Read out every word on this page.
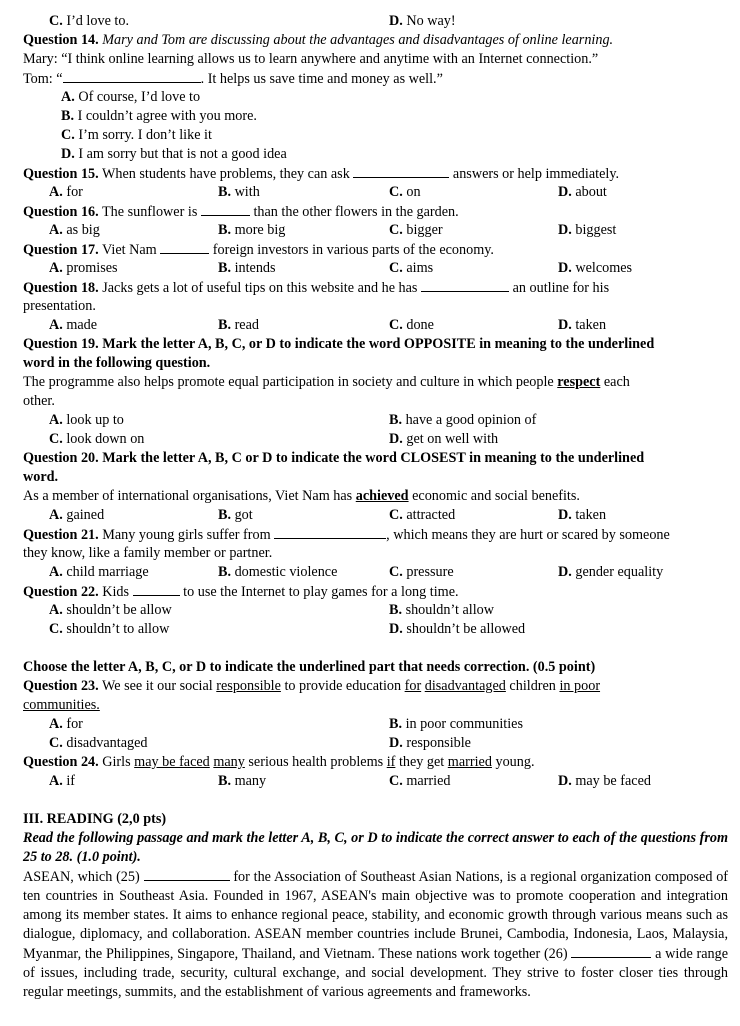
C. I’d love to.	D. No way!
Question 14. Mary and Tom are discussing about the advantages and disadvantages of online learning.
Mary: “I think online learning allows us to learn anywhere and anytime with an Internet connection.”
Tom: “	. It helps us save time and money as well.”
A. Of course, I’d love to
B. I couldn’t agree with you more.
C. I’m sorry. I don’t like it
D. I am sorry but that is not a good idea
Question 15. When students have problems, they can ask	answers or help immediately.
A. for	B. with	C. on	D. about
Question 16. The sunflower is	than the other flowers in the garden.
A. as big	B. more big	C. bigger	D. biggest
Question 17. Viet Nam	foreign investors in various parts of the economy.
A. promises	B. intends	C. aims	D. welcomes
Question 18. Jacks gets a lot of useful tips on this website and he has	an outline for his
presentation.
A. made	B. read	C. done	D. taken
Question 19. Mark the letter A, B, C, or D to indicate the word OPPOSITE in meaning to the underlined
word in the following question.
The programme also helps promote equal participation in society and culture in which people respect each
other.
A. look up to	B. have a good opinion of
C. look down on	D. get on well with
Question 20. Mark the letter A, B, C or D to indicate the word CLOSEST in meaning to the underlined
word.
As a member of international organisations, Viet Nam has achieved economic and social benefits.
A. gained	B. got	C. attracted	D. taken
Question 21. Many young girls suffer from	, which means they are hurt or scared by someone
they know, like a family member or partner.
A. child marriage	B. domestic violence	C. pressure	D. gender equality
Question 22. Kids	to use the Internet to play games for a long time.
A. shouldn’t be allow	B. shouldn’t allow
C. shouldn’t to allow	D. shouldn’t be allowed
Choose the letter A, B, C, or D to indicate the underlined part that needs correction. (0.5 point)
Question 23. We see it our social responsible to provide education for disadvantaged children in poor
communities.
A. for	B. in poor communities
C. disadvantaged	D. responsible
Question 24. Girls may be faced many serious health problems if they get married young.
A. if	B. many	C. married	D. may be faced
III. READING (2,0 pts)
Read the following passage and mark the letter A, B, C, or D to indicate the correct answer to each of the questions from 25 to 28. (1.0 point).
ASEAN, which (25)	for the Association of Southeast Asian Nations, is a regional organization composed of ten countries in Southeast Asia. Founded in 1967, ASEAN's main objective was to promote cooperation and integration among its member states. It aims to enhance regional peace, stability, and economic growth through various means such as dialogue, diplomacy, and collaboration. ASEAN member countries include Brunei, Cambodia, Indonesia, Laos, Malaysia, Myanmar, the Philippines, Singapore, Thailand, and Vietnam. These nations work together (26)	a wide range of issues, including trade, security, cultural exchange, and social development. They strive to foster closer ties through regular meetings, summits, and the establishment of various agreements and frameworks.
